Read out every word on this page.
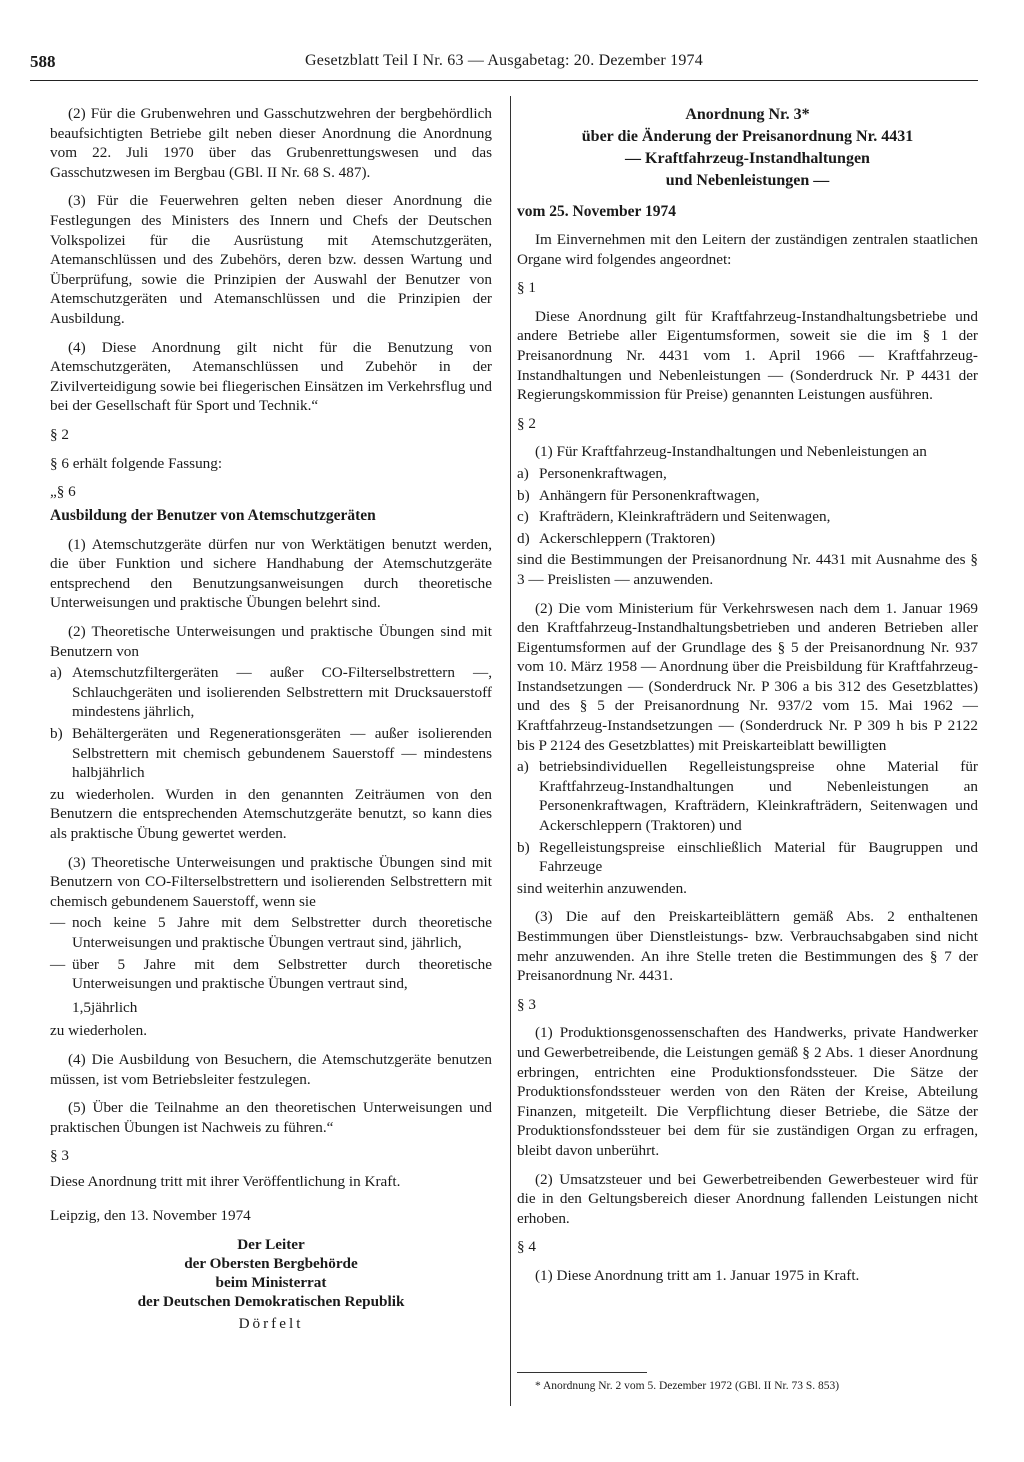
588	Gesetzblatt Teil I Nr. 63 — Ausgabetag: 20. Dezember 1974

(2) Für die Grubenwehren und Gasschutzwehren der bergbehördlich beaufsichtigten Betriebe gilt neben dieser Anordnung die Anordnung vom 22. Juli 1970 über das Grubenrettungswesen und das Gasschutzwesen im Bergbau (GBl. II Nr. 68 S. 487).

(3) Für die Feuerwehren gelten neben dieser Anordnung die Festlegungen des Ministers des Innern und Chefs der Deutschen Volkspolizei für die Ausrüstung mit Atemschutzgeräten, Atemanschlüssen und des Zubehörs, deren bzw. dessen Wartung und Überprüfung, sowie die Prinzipien der Auswahl der Benutzer von Atemschutzgeräten und Atemanschlüssen und die Prinzipien der Ausbildung.

(4) Diese Anordnung gilt nicht für die Benutzung von Atemschutzgeräten, Atemanschlüssen und Zubehör in der Zivilverteidigung sowie bei fliegerischen Einsätzen im Verkehrsflug und bei der Gesellschaft für Sport und Technik.“

§ 2

§ 6 erhält folgende Fassung:

„§ 6

Ausbildung der Benutzer von Atemschutzgeräten

(1) Atemschutzgeräte dürfen nur von Werktätigen benutzt werden, die über Funktion und sichere Handhabung der Atemschutzgeräte entsprechend den Benutzungsanweisungen durch theoretische Unterweisungen und praktische Übungen belehrt sind.

(2) Theoretische Unterweisungen und praktische Übungen sind mit Benutzern von

a) Atemschutzfiltergeräten — außer CO-Filterselbstrettern —, Schlauchgeräten und isolierenden Selbstrettern mit Drucksauerstoff mindestens jährlich,

b) Behältergeräten und Regenerationsgeräten — außer isolierenden Selbstrettern mit chemisch gebundenem Sauerstoff — mindestens halbjährlich

zu wiederholen. Wurden in den genannten Zeiträumen von den Benutzern die entsprechenden Atemschutzgeräte benutzt, so kann dies als praktische Übung gewertet werden.

(3) Theoretische Unterweisungen und praktische Übungen sind mit Benutzern von CO-Filterselbstrettern und isolierenden Selbstrettern mit chemisch gebundenem Sauerstoff, wenn sie

— noch keine 5 Jahre mit dem Selbstretter durch theoretische Unterweisungen und praktische Übungen vertraut sind, jährlich,

— über 5 Jahre mit dem Selbstretter durch theoretische Unterweisungen und praktische Übungen vertraut sind,

1,5jährlich

zu wiederholen.

(4) Die Ausbildung von Besuchern, die Atemschutzgeräte benutzen müssen, ist vom Betriebsleiter festzulegen.

(5) Über die Teilnahme an den theoretischen Unterweisungen und praktischen Übungen ist Nachweis zu führen.“

§ 3

Diese Anordnung tritt mit ihrer Veröffentlichung in Kraft.

Leipzig, den 13. November 1974

Der Leiter
der Obersten Bergbehörde
beim Ministerrat
der Deutschen Demokratischen Republik
Dörfelt
Anordnung Nr. 3*
über die Änderung der Preisanordnung Nr. 4431
— Kraftfahrzeug-Instandhaltungen
und Nebenleistungen —

vom 25. November 1974

Im Einvernehmen mit den Leitern der zuständigen zentralen staatlichen Organe wird folgendes angeordnet:

§ 1

Diese Anordnung gilt für Kraftfahrzeug-Instandhaltungsbetriebe und andere Betriebe aller Eigentumsformen, soweit sie die im § 1 der Preisanordnung Nr. 4431 vom 1. April 1966 — Kraftfahrzeug-Instandhaltungen und Nebenleistungen — (Sonderdruck Nr. P 4431 der Regierungskommission für Preise) genannten Leistungen ausführen.

§ 2

(1) Für Kraftfahrzeug-Instandhaltungen und Nebenleistungen an

a) Personenkraftwagen,

b) Anhängern für Personenkraftwagen,

c) Krafträdern, Kleinkrafträdern und Seitenwagen,

d) Ackerschleppern (Traktoren)

sind die Bestimmungen der Preisanordnung Nr. 4431 mit Ausnahme des § 3 — Preislisten — anzuwenden.

(2) Die vom Ministerium für Verkehrswesen nach dem 1. Januar 1969 den Kraftfahrzeug-Instandhaltungsbetrieben und anderen Betrieben aller Eigentumsformen auf der Grundlage des § 5 der Preisanordnung Nr. 937 vom 10. März 1958 — Anordnung über die Preisbildung für Kraftfahrzeug-Instandsetzungen — (Sonderdruck Nr. P 306 a bis 312 des Gesetzblattes) und des § 5 der Preisanordnung Nr. 937/2 vom 15. Mai 1962 — Kraftfahrzeug-Instandsetzungen — (Sonderdruck Nr. P 309 h bis P 2122 bis P 2124 des Gesetzblattes) mit Preiskarteiblatt bewilligten

a) betriebsindividuellen Regelleistungspreise ohne Material für Kraftfahrzeug-Instandhaltungen und Nebenleistungen an Personenkraftwagen, Krafträdern, Kleinkrafträdern, Seitenwagen und Ackerschleppern (Traktoren) und

b) Regelleistungspreise einschließlich Material für Baugruppen und Fahrzeuge

sind weiterhin anzuwenden.

(3) Die auf den Preiskarteiblättern gemäß Abs. 2 enthaltenen Bestimmungen über Dienstleistungs- bzw. Verbrauchsabgaben sind nicht mehr anzuwenden. An ihre Stelle treten die Bestimmungen des § 7 der Preisanordnung Nr. 4431.

§ 3

(1) Produktionsgenossenschaften des Handwerks, private Handwerker und Gewerbetreibende, die Leistungen gemäß § 2 Abs. 1 dieser Anordnung erbringen, entrichten eine Produktionsfondssteuer. Die Sätze der Produktionsfondssteuer werden von den Räten der Kreise, Abteilung Finanzen, mitgeteilt. Die Verpflichtung dieser Betriebe, die Sätze der Produktionsfondssteuer bei dem für sie zuständigen Organ zu erfragen, bleibt davon unberührt.

(2) Umsatzsteuer und bei Gewerbetreibenden Gewerbesteuer wird für die in den Geltungsbereich dieser Anordnung fallenden Leistungen nicht erhoben.

§ 4

(1) Diese Anordnung tritt am 1. Januar 1975 in Kraft.

* Anordnung Nr. 2 vom 5. Dezember 1972 (GBl. II Nr. 73 S. 853)
